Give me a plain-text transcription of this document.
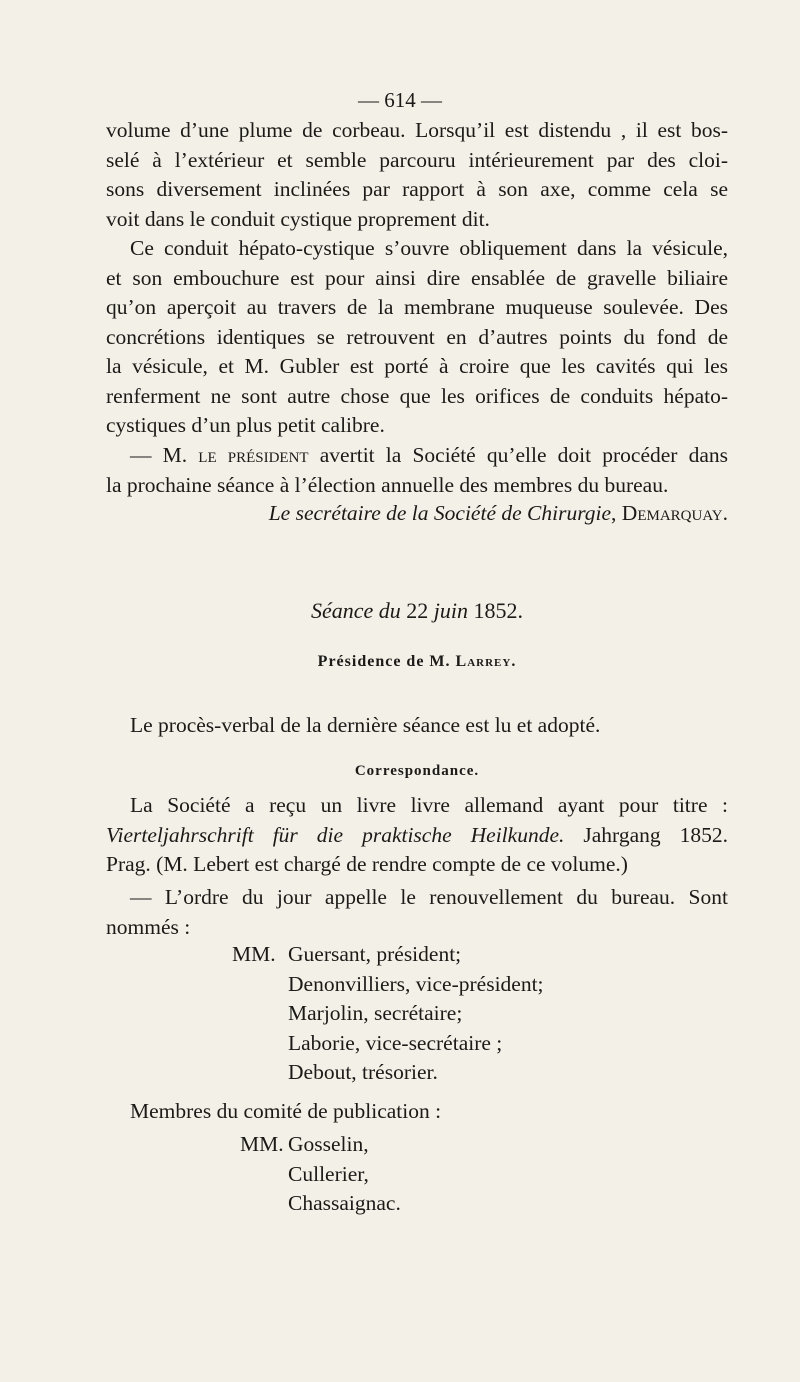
— 614 —
volume d’une plume de corbeau. Lorsqu’il est distendu , il est bos-
selé à l’extérieur et semble parcouru intérieurement par des cloi-
sons diversement inclinées par rapport à son axe, comme cela se
voit dans le conduit cystique proprement dit.
Ce conduit hépato-cystique s’ouvre obliquement dans la vésicule,
et son embouchure est pour ainsi dire ensablée de gravelle biliaire
qu’on aperçoit au travers de la membrane muqueuse soulevée. Des
concrétions identiques se retrouvent en d’autres points du fond de
la vésicule, et M. Gubler est porté à croire que les cavités qui les
renferment ne sont autre chose que les orifices de conduits hépato-
cystiques d’un plus petit calibre.
— M. le président avertit la Société qu’elle doit procéder dans
la prochaine séance à l’élection annuelle des membres du bureau.
Le secrétaire de la Société de Chirurgie, Demarquay.
Séance du 22 juin 1852.
Présidence de M. Larrey.
Le procès-verbal de la dernière séance est lu et adopté.
Correspondance.
La Société a reçu un livre livre allemand ayant pour titre :
Vierteljahrschrift für die praktische Heilkunde. Jahrgang 1852.
Prag. (M. Lebert est chargé de rendre compte de ce volume.)
— L’ordre du jour appelle le renouvellement du bureau. Sont
nommés :
MM. Guersant, président;
Denonvilliers, vice-président;
Marjolin, secrétaire;
Laborie, vice-secrétaire ;
Debout, trésorier.
Membres du comité de publication :
MM. Gosselin,
Cullerier,
Chassaignac.
